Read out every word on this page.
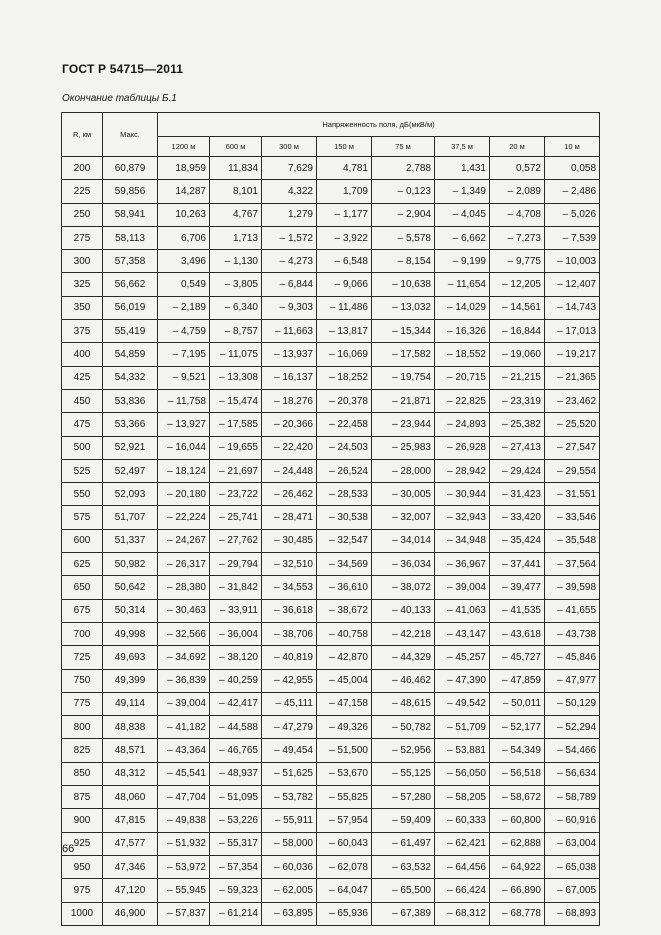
ГОСТ Р 54715—2011
Окончание таблицы Б.1
R, км	Макс.	Напряженность поля, дБ(мкВ/м)							
		1200 м	600 м	300 м	150 м	75 м	37,5 м	20 м	10 м
200	60,879	18,959	11,834	7,629	4,781	2,788	1,431	0,572	0,058
225	59,856	14,287	8,101	4,322	1,709	– 0,123	– 1,349	– 2,089	– 2,486
250	58,941	10,263	4,767	1,279	– 1,177	– 2,904	– 4,045	– 4,708	– 5,026
275	58,113	6,706	1,713	– 1,572	– 3,922	– 5,578	– 6,662	– 7,273	– 7,539
300	57,358	3,496	– 1,130	– 4,273	– 6,548	– 8,154	– 9,199	– 9,775	– 10,003
325	56,662	0,549	– 3,805	– 6,844	– 9,066	– 10,638	– 11,654	– 12,205	– 12,407
350	56,019	– 2,189	– 6,340	– 9,303	– 11,486	– 13,032	– 14,029	– 14,561	– 14,743
375	55,419	– 4,759	– 8,757	– 11,663	– 13,817	– 15,344	– 16,326	– 16,844	– 17,013
400	54,859	– 7,195	– 11,075	– 13,937	– 16,069	– 17,582	– 18,552	– 19,060	– 19,217
425	54,332	– 9,521	– 13,308	– 16,137	– 18,252	– 19,754	– 20,715	– 21,215	– 21,365
450	53,836	– 11,758	– 15,474	– 18,276	– 20,378	– 21,871	– 22,825	– 23,319	– 23,462
475	53,366	– 13,927	– 17,585	– 20,366	– 22,458	– 23,944	– 24,893	– 25,382	– 25,520
500	52,921	– 16,044	– 19,655	– 22,420	– 24,503	– 25,983	– 26,928	– 27,413	– 27,547
525	52,497	– 18,124	– 21,697	– 24,448	– 26,524	– 28,000	– 28,942	– 29,424	– 29,554
550	52,093	– 20,180	– 23,722	– 26,462	– 28,533	– 30,005	– 30,944	– 31,423	– 31,551
575	51,707	– 22,224	– 25,741	– 28,471	– 30,538	– 32,007	– 32,943	– 33,420	– 33,546
600	51,337	– 24,267	– 27,762	– 30,485	– 32,547	– 34,014	– 34,948	– 35,424	– 35,548
625	50,982	– 26,317	– 29,794	– 32,510	– 34,569	– 36,034	– 36,967	– 37,441	– 37,564
650	50,642	– 28,380	– 31,842	– 34,553	– 36,610	– 38,072	– 39,004	– 39,477	– 39,598
675	50,314	– 30,463	– 33,911	– 36,618	– 38,672	– 40,133	– 41,063	– 41,535	– 41,655
700	49,998	– 32,566	– 36,004	– 38,706	– 40,758	– 42,218	– 43,147	– 43,618	– 43,738
725	49,693	– 34,692	– 38,120	– 40,819	– 42,870	– 44,329	– 45,257	– 45,727	– 45,846
750	49,399	– 36,839	– 40,259	– 42,955	– 45,004	– 46,462	– 47,390	– 47,859	– 47,977
775	49,114	– 39,004	– 42,417	– 45,111	– 47,158	– 48,615	– 49,542	– 50,011	– 50,129
800	48,838	– 41,182	– 44,588	– 47,279	– 49,326	– 50,782	– 51,709	– 52,177	– 52,294
825	48,571	– 43,364	– 46,765	– 49,454	– 51,500	– 52,956	– 53,881	– 54,349	– 54,466
850	48,312	– 45,541	– 48,937	– 51,625	– 53,670	– 55,125	– 56,050	– 56,518	– 56,634
875	48,060	– 47,704	– 51,095	– 53,782	– 55,825	– 57,280	– 58,205	– 58,672	– 58,789
900	47,815	– 49,838	– 53,226	– 55,911	– 57,954	– 59,409	– 60,333	– 60,800	– 60,916
925	47,577	– 51,932	– 55,317	– 58,000	– 60,043	– 61,497	– 62,421	– 62,888	– 63,004
950	47,346	– 53,972	– 57,354	– 60,036	– 62,078	– 63,532	– 64,456	– 64,922	– 65,038
975	47,120	– 55,945	– 59,323	– 62,005	– 64,047	– 65,500	– 66,424	– 66,890	– 67,005
1000	46,900	– 57,837	– 61,214	– 63,895	– 65,936	– 67,389	– 68,312	– 68,778	– 68,893
66
